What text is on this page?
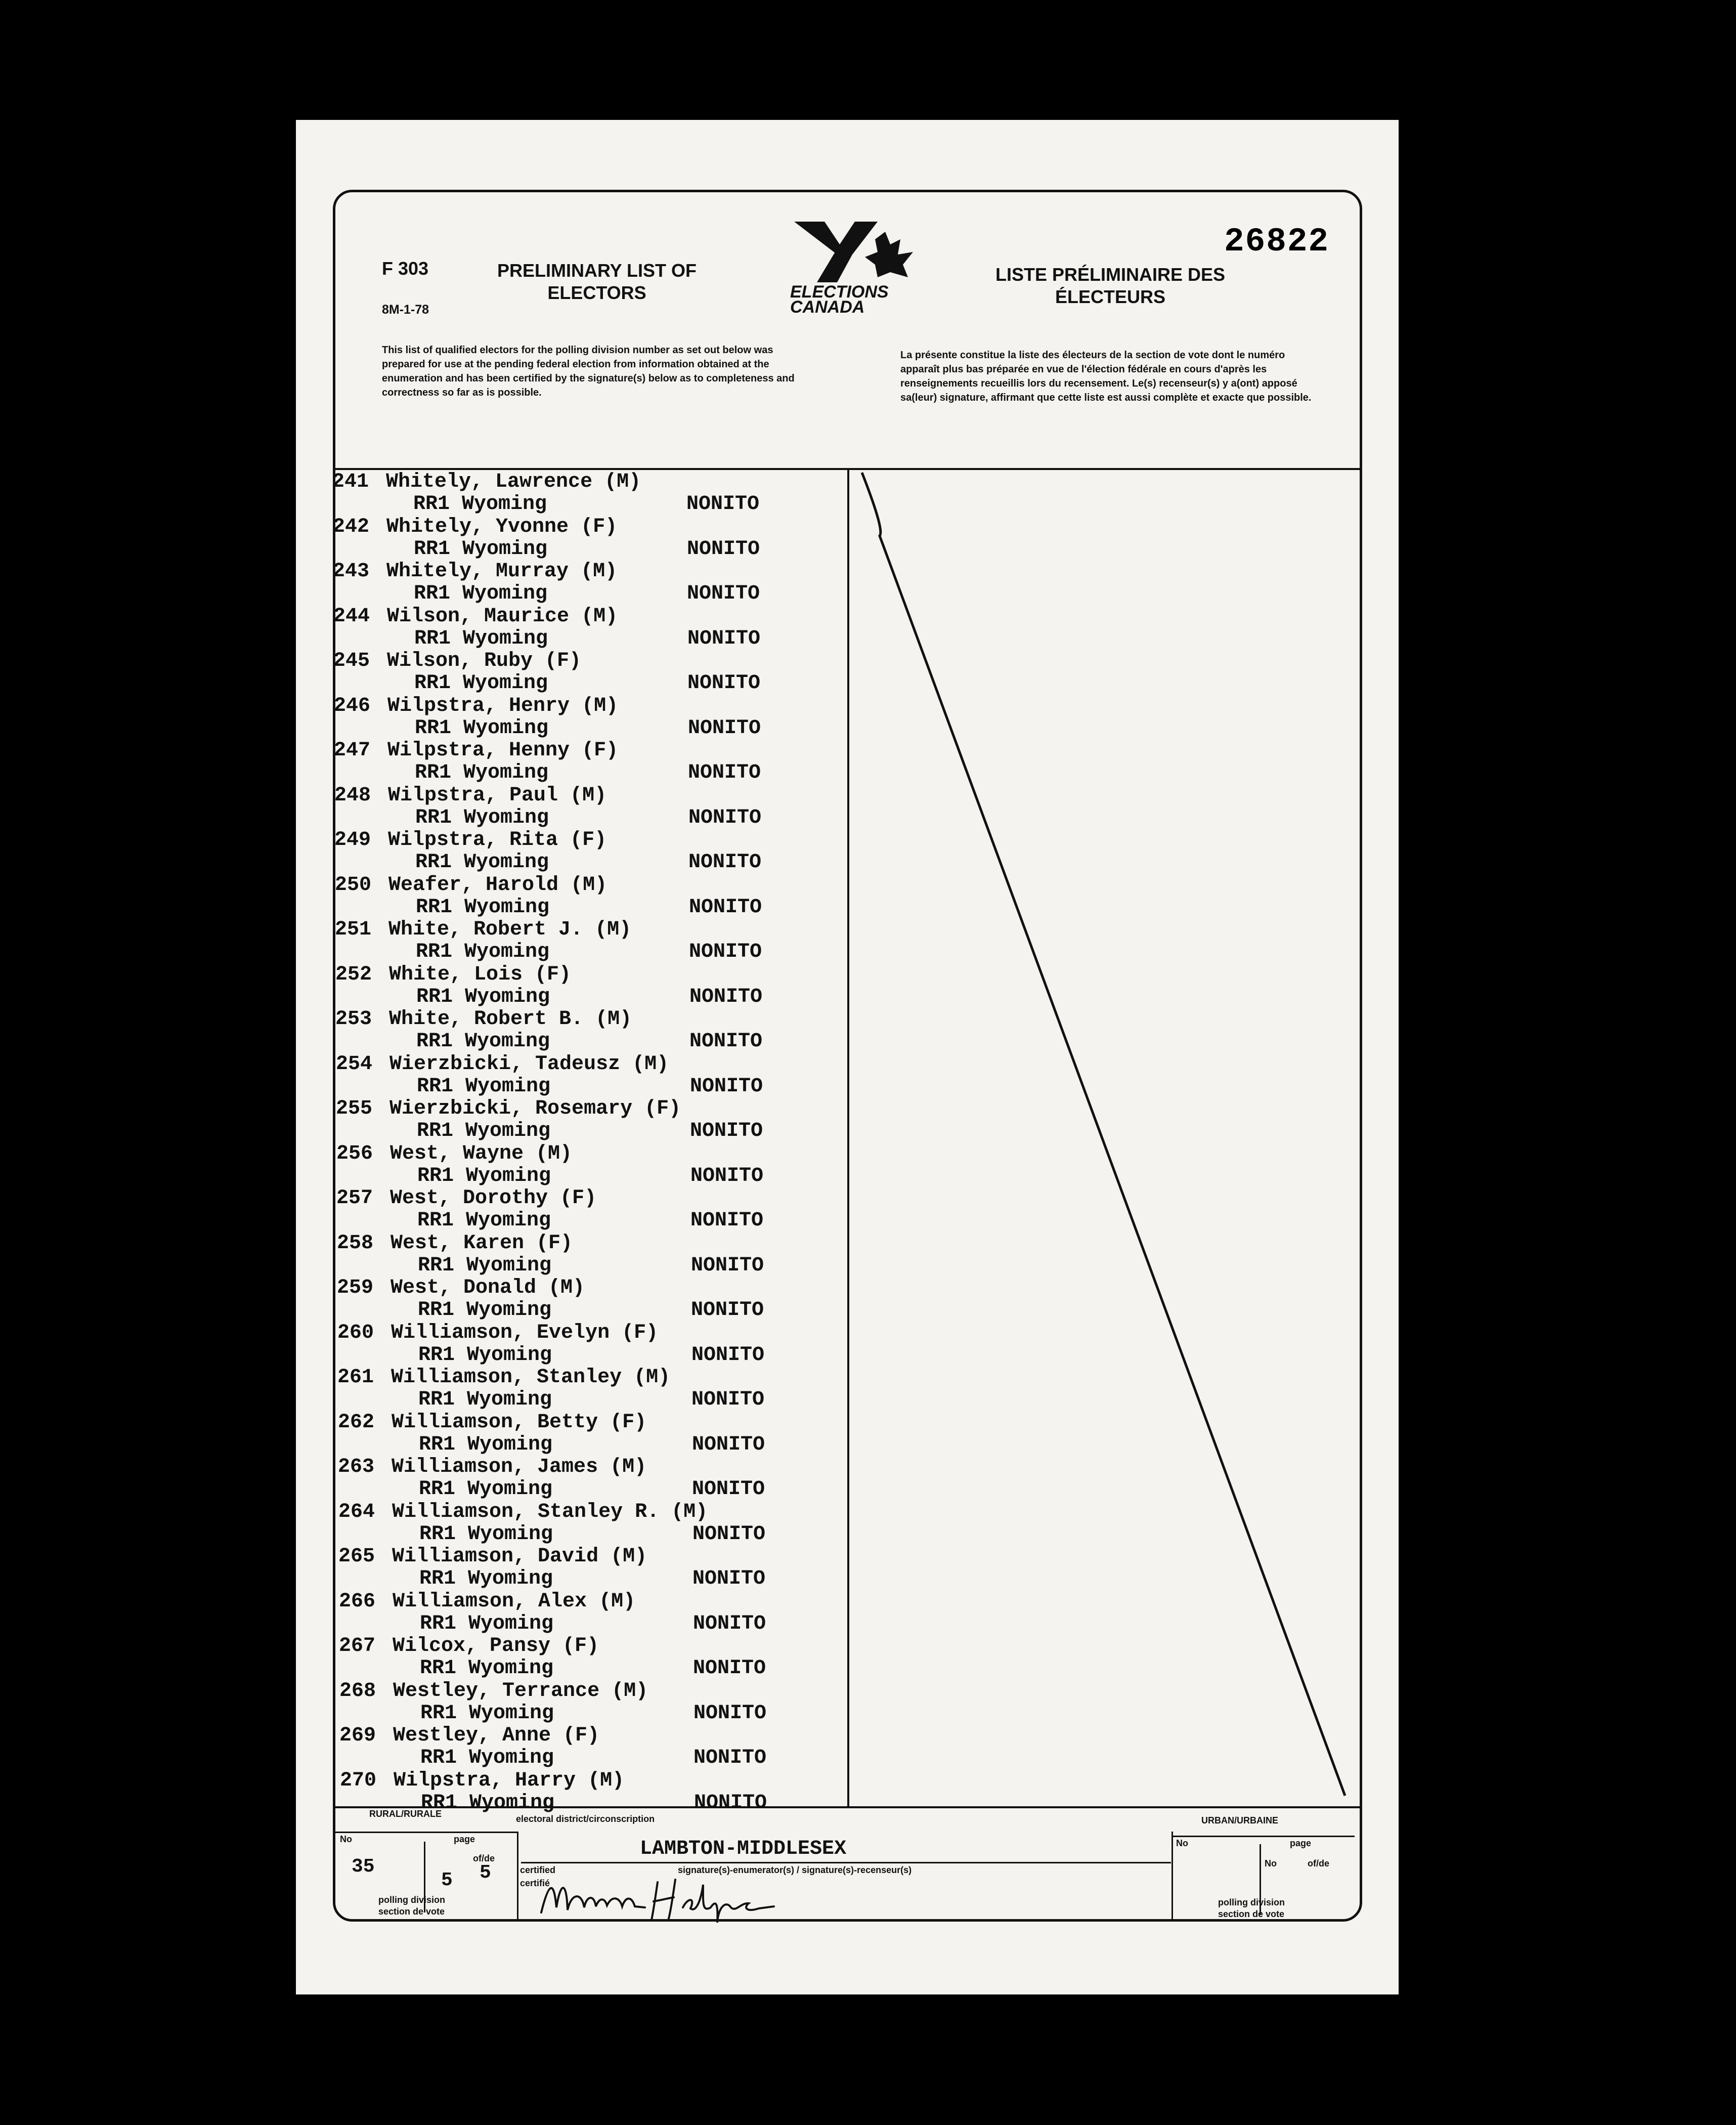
F 303
8M-1-78
PRELIMINARY LIST OF ELECTORS
LISTE PRÉLIMINAIRE DES ÉLECTEURS
26822
ELECTIONS
CANADA
This list of qualified electors for the polling division number as set out below was prepared for use at the pending federal election from information obtained at the enumeration and has been certified by the signature(s) below as to completeness and correctness so far as is possible.
La présente constitue la liste des électeurs de la section de vote dont le numéro apparaît plus bas préparée en vue de l'élection fédérale en cours d'après les renseignements recueillis lors du recensement. Le(s) recenseur(s) y a(ont) apposé sa(leur) signature, affirmant que cette liste est aussi complète et exacte que possible.
241 Whitely, Lawrence (M)
RR1 Wyoming	NONITO
242 Whitely, Yvonne (F)
RR1 Wyoming	NONITO
243 Whitely, Murray (M)
RR1 Wyoming	NONITO
244 Wilson, Maurice (M)
RR1 Wyoming	NONITO
245 Wilson, Ruby (F)
RR1 Wyoming	NONITO
246 Wilpstra, Henry (M)
RR1 Wyoming	NONITO
247 Wilpstra, Henny (F)
RR1 Wyoming	NONITO
248 Wilpstra, Paul (M)
RR1 Wyoming	NONITO
249 Wilpstra, Rita (F)
RR1 Wyoming	NONITO
250 Weafer, Harold (M)
RR1 Wyoming	NONITO
251 White, Robert J. (M)
RR1 Wyoming	NONITO
252 White, Lois (F)
RR1 Wyoming	NONITO
253 White, Robert B. (M)
RR1 Wyoming	NONITO
254 Wierzbicki, Tadeusz (M)
RR1 Wyoming	NONITO
255 Wierzbicki, Rosemary (F)
RR1 Wyoming	NONITO
256 West, Wayne (M)
RR1 Wyoming	NONITO
257 West, Dorothy (F)
RR1 Wyoming	NONITO
258 West, Karen (F)
RR1 Wyoming	NONITO
259 West, Donald (M)
RR1 Wyoming	NONITO
260 Williamson, Evelyn (F)
RR1 Wyoming	NONITO
261 Williamson, Stanley (M)
RR1 Wyoming	NONITO
262 Williamson, Betty (F)
RR1 Wyoming	NONITO
263 Williamson, James (M)
RR1 Wyoming	NONITO
264 Williamson, Stanley R. (M)
RR1 Wyoming	NONITO
265 Williamson, David (M)
RR1 Wyoming	NONITO
266 Williamson, Alex (M)
RR1 Wyoming	NONITO
267 Wilcox, Pansy (F)
RR1 Wyoming	NONITO
268 Westley, Terrance (M)
RR1 Wyoming	NONITO
269 Westley, Anne (F)
RR1 Wyoming	NONITO
270 Wilpstra, Harry (M)
RR1 Wyoming	NONITO
RURAL/RURALE	electoral district/circonscription	URBAN/URBAINE
No	page	No	page
35	of/de
5 5	No	of/de
LAMBTON-MIDDLESEX
signature(s)-enumerator(s) / signature(s)-recenseur(s)
certified
certifié
polling division
section de vote
polling division
section de vote
